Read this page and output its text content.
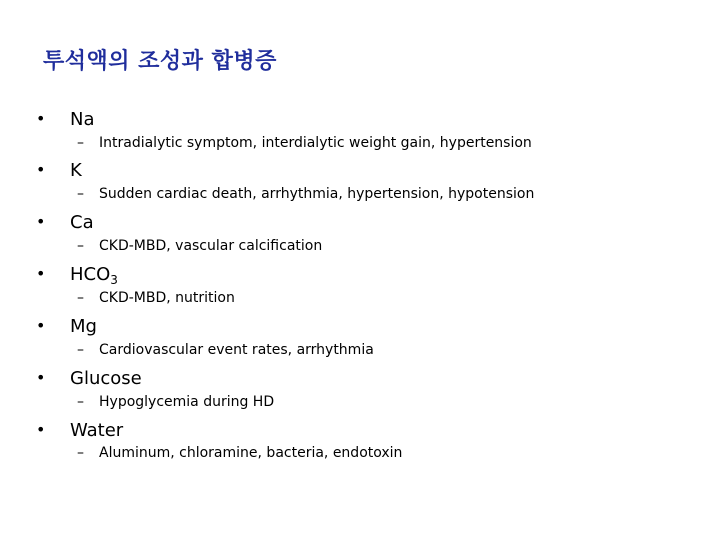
투석액의 조성과 합병증
• Na
– Intradialytic symptom, interdialytic weight gain, hypertension
• K
– Sudden cardiac death, arrhythmia, hypertension, hypotension
• Ca
– CKD-MBD, vascular calcification
• $HCO_3$
– CKD-MBD, nutrition
• Mg
– Cardiovascular event rates, arrhythmia
• Glucose
– Hypoglycemia during HD
• Water
– Aluminum, chloramine, bacteria, endotoxin
